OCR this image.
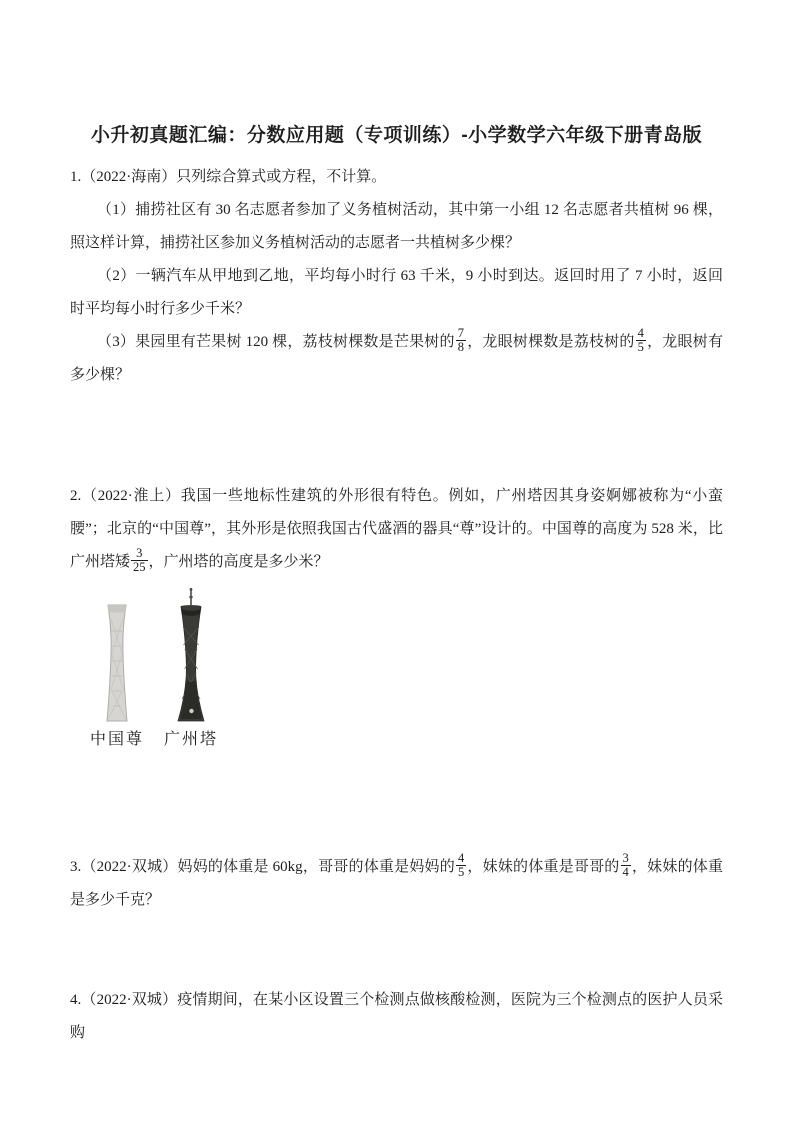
小升初真题汇编：分数应用题（专项训练）-小学数学六年级下册青岛版

1.（2022·海南）只列综合算式或方程，不计算。

（1）捕捞社区有 30 名志愿者参加了义务植树活动，其中第一小组 12 名志愿者共植树 96 棵，照这样计算，捕捞社区参加义务植树活动的志愿者一共植树多少棵？

（2）一辆汽车从甲地到乙地，平均每小时行 63 千米，9 小时到达。返回时用了 7 小时，返回时平均每小时行多少千米？

（3）果园里有芒果树 120 棵，荔枝树棵数是芒果树的 $\frac{7}{8}$ ，龙眼树棵数是荔枝树的 $\frac{4}{5}$ ，龙眼树有多少棵？

2.（2022·淮上）我国一些地标性建筑的外形很有特色。例如，广州塔因其身姿婀娜被称为“小蛮腰”；北京的“中国尊”，其外形是依照我国古代盛酒的器具“尊”设计的。中国尊的高度为 528 米，比广州塔矮 $\frac{3}{25}$ ，广州塔的高度是多少米？

中国尊 广州塔

3.（2022·双城）妈妈的体重是 60kg，哥哥的体重是妈妈的 $\frac{4}{5}$ ，妹妹的体重是哥哥的 $\frac{3}{4}$ ，妹妹的体重是多少千克？

4.（2022·双城）疫情期间，在某小区设置三个检测点做核酸检测，医院为三个检测点的医护人员采购
